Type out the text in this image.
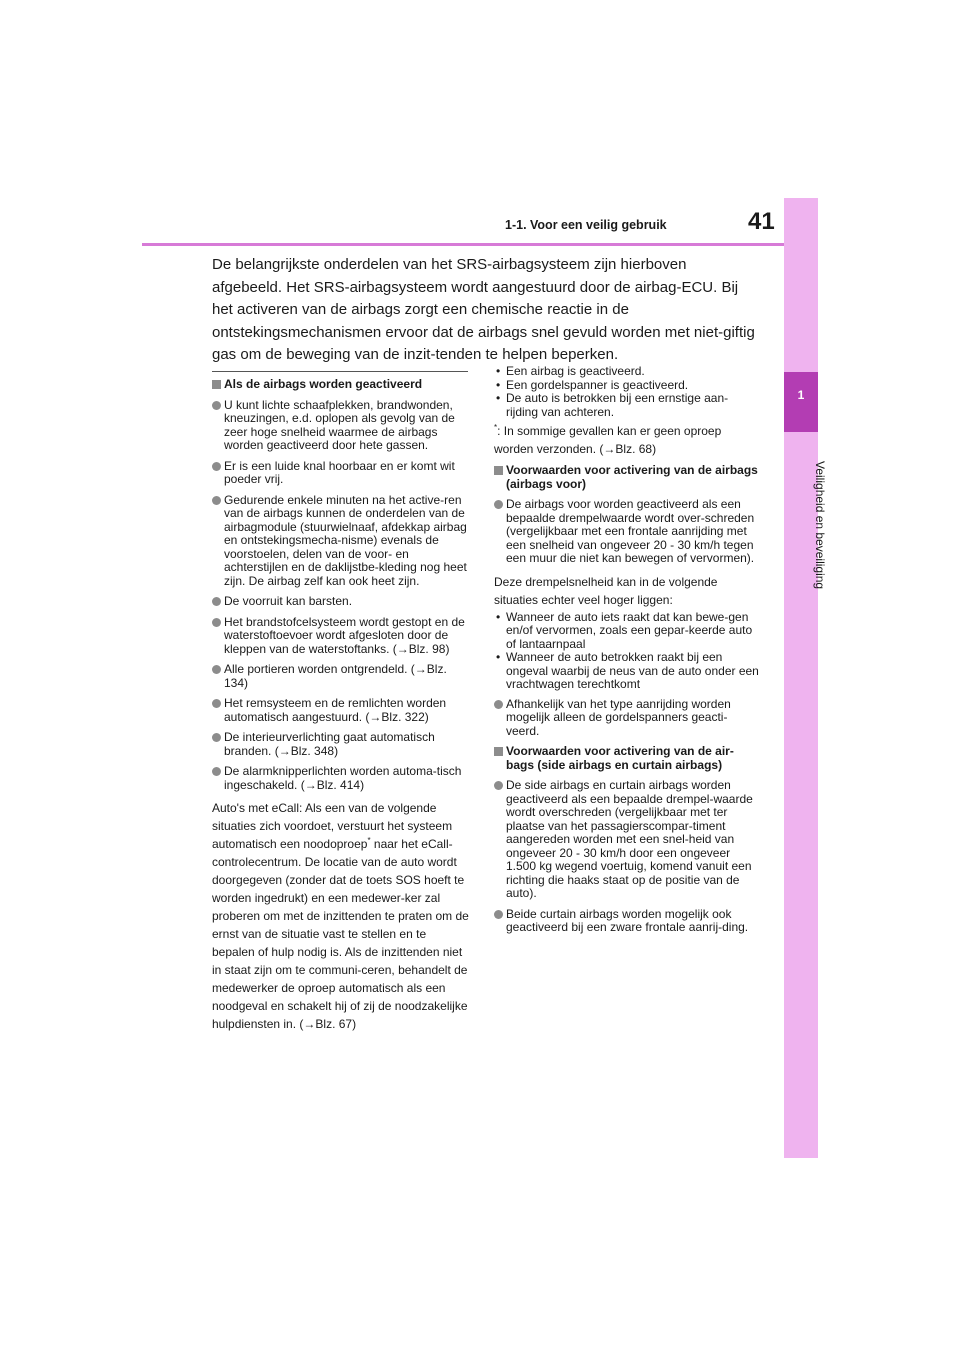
1
Veiligheid en beveiliging
1-1. Voor een veilig gebruik	41
De belangrijkste onderdelen van het SRS-airbagsysteem zijn hierboven afgebeeld. Het SRS-airbagsysteem wordt aangestuurd door de airbag-ECU. Bij het activeren van de airbags zorgt een chemische reactie in de ontstekingsmechanismen ervoor dat de airbags snel gevuld worden met niet-giftig gas om de beweging van de inzit-tenden te helpen beperken.
Als de airbags worden geactiveerd
U kunt lichte schaafplekken, brandwonden, kneuzingen, e.d. oplopen als gevolg van de zeer hoge snelheid waarmee de airbags worden geactiveerd door hete gassen.
Er is een luide knal hoorbaar en er komt wit poeder vrij.
Gedurende enkele minuten na het active-ren van de airbags kunnen de onderdelen van de airbagmodule (stuurwielnaaf, afdekkap airbag en ontstekingsmecha-nisme) evenals de voorstoelen, delen van de voor- en achterstijlen en de daklijstbe-kleding nog heet zijn. De airbag zelf kan ook heet zijn.
De voorruit kan barsten.
Het brandstofcelsysteem wordt gestopt en de waterstoftoevoer wordt afgesloten door de kleppen van de waterstoftanks. (→Blz. 98)
Alle portieren worden ontgrendeld. (→Blz. 134)
Het remsysteem en de remlichten worden automatisch aangestuurd. (→Blz. 322)
De interieurverlichting gaat automatisch branden. (→Blz. 348)
De alarmknipperlichten worden automa-tisch ingeschakeld. (→Blz. 414)
Auto's met eCall: Als een van de volgende situaties zich voordoet, verstuurt het systeem automatisch een noodoproep* naar het eCall-controlecentrum. De locatie van de auto wordt doorgegeven (zonder dat de toets SOS hoeft te worden ingedrukt) en een medewer-ker zal proberen om met de inzittenden te praten om de ernst van de situatie vast te stellen en te bepalen of hulp nodig is. Als de inzittenden niet in staat zijn om te communi-ceren, behandelt de medewerker de oproep automatisch als een noodgeval en schakelt hij of zij de noodzakelijke hulpdiensten in. (→Blz. 67)
• Een airbag is geactiveerd.
• Een gordelspanner is geactiveerd.
• De auto is betrokken bij een ernstige aan-rijding van achteren.
*: In sommige gevallen kan er geen oproep worden verzonden. (→Blz. 68)
Voorwaarden voor activering van de airbags (airbags voor)
De airbags voor worden geactiveerd als een bepaalde drempelwaarde wordt over-schreden (vergelijkbaar met een frontale aanrijding met een snelheid van ongeveer 20 - 30 km/h tegen een muur die niet kan bewegen of vervormen).
Deze drempelsnelheid kan in de volgende situaties echter veel hoger liggen:
• Wanneer de auto iets raakt dat kan bewe-gen en/of vervormen, zoals een gepar-keerde auto of lantaarnpaal
• Wanneer de auto betrokken raakt bij een ongeval waarbij de neus van de auto onder een vrachtwagen terechtkomt
Afhankelijk van het type aanrijding worden mogelijk alleen de gordelspanners geacti-veerd.
Voorwaarden voor activering van de air-bags (side airbags en curtain airbags)
De side airbags en curtain airbags worden geactiveerd als een bepaalde drempel-waarde wordt overschreden (vergelijkbaar met ter plaatse van het passagierscompar-timent aangereden worden met een snel-heid van ongeveer 20 - 30 km/h door een ongeveer 1.500 kg wegend voertuig, komend vanuit een richting die haaks staat op de positie van de auto).
Beide curtain airbags worden mogelijk ook geactiveerd bij een zware frontale aanrij-ding.
